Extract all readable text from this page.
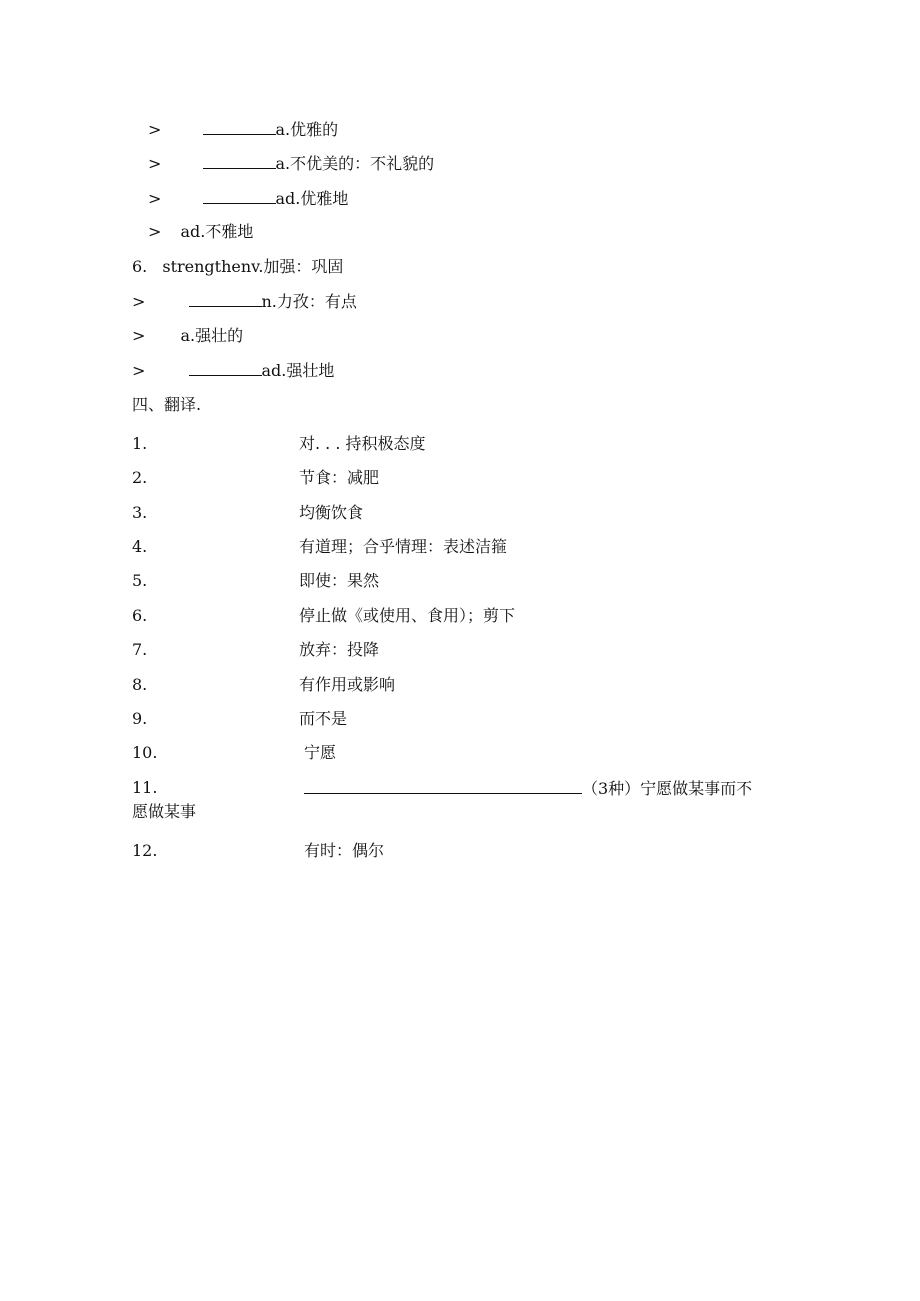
>	a.优雅的
>	a.不优美的：不礼貌的
>	ad.优雅地
> ad.不雅地
6. strengthenv.加强：巩固
>	n.力孜：有点
> a.强壮的
>	ad.强壮地
四、翻译.
1.	对. . . 持积极态度
2.	节食：减肥
3.	均衡饮食
4.	有道理；合乎情理：表述洁箍
5.	即使：果然
6.	停止做《或使用、食用）；剪下
7.	放弃：投降
8.	有作用或影响
9.	而不是
10.	宁愿
11.	（3种）宁愿做某事而不
愿做某事
12.	有时：偶尔
